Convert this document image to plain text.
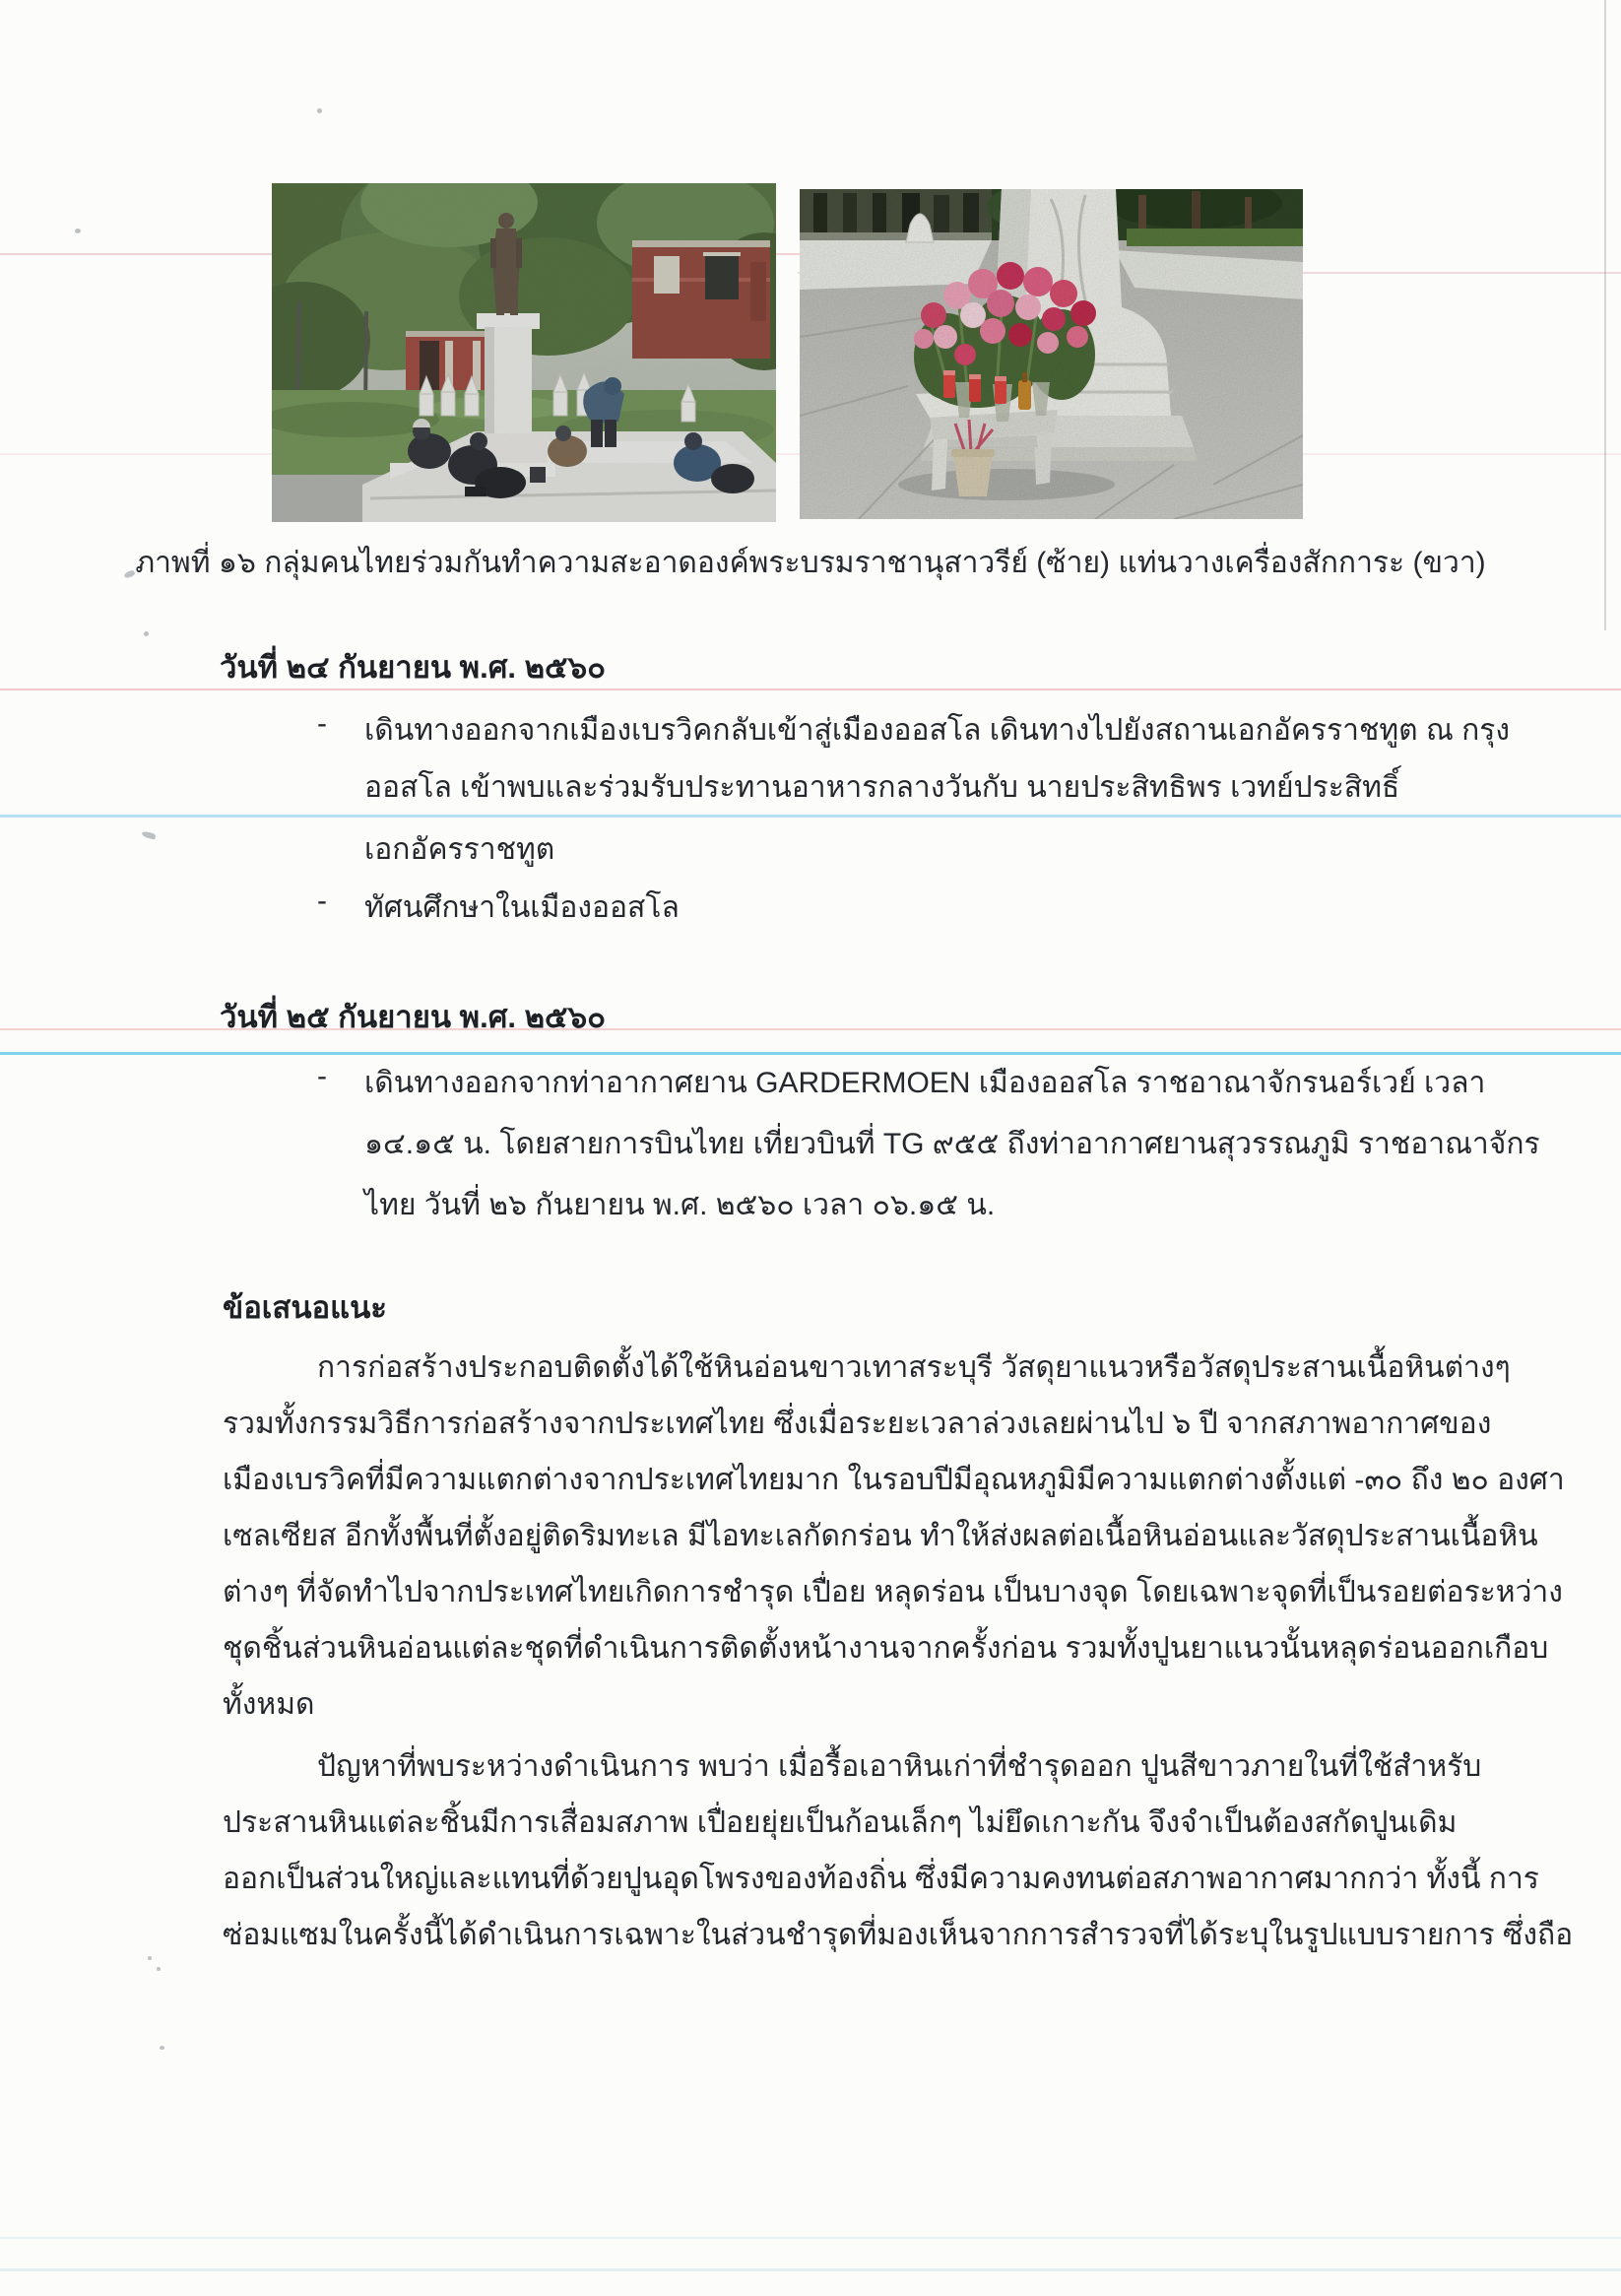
ภาพที่ ๑๖ กลุ่มคนไทยร่วมกันทำความสะอาดองค์พระบรมราชานุสาวรีย์ (ซ้าย) แท่นวางเครื่องสักการะ (ขวา)
วันที่ ๒๔ กันยายน พ.ศ. ๒๕๖๐
- เดินทางออกจากเมืองเบรวิคกลับเข้าสู่เมืองออสโล เดินทางไปยังสถานเอกอัครราชทูต ณ กรุง
ออสโล เข้าพบและร่วมรับประทานอาหารกลางวันกับ นายประสิทธิพร เวทย์ประสิทธิ์
เอกอัครราชทูต
- ทัศนศึกษาในเมืองออสโล
วันที่ ๒๕ กันยายน พ.ศ. ๒๕๖๐
- เดินทางออกจากท่าอากาศยาน GARDERMOEN เมืองออสโล ราชอาณาจักรนอร์เวย์ เวลา
๑๔.๑๕ น. โดยสายการบินไทย เที่ยวบินที่ TG ๙๕๕ ถึงท่าอากาศยานสุวรรณภูมิ ราชอาณาจักร
ไทย วันที่ ๒๖ กันยายน พ.ศ. ๒๕๖๐ เวลา ๐๖.๑๕ น.
ข้อเสนอแนะ
การก่อสร้างประกอบติดตั้งได้ใช้หินอ่อนขาวเทาสระบุรี วัสดุยาแนวหรือวัสดุประสานเนื้อหินต่างๆ
รวมทั้งกรรมวิธีการก่อสร้างจากประเทศไทย ซึ่งเมื่อระยะเวลาล่วงเลยผ่านไป ๖ ปี จากสภาพอากาศของ
เมืองเบรวิคที่มีความแตกต่างจากประเทศไทยมาก ในรอบปีมีอุณหภูมิมีความแตกต่างตั้งแต่ -๓๐ ถึง ๒๐ องศา
เซลเซียส อีกทั้งพื้นที่ตั้งอยู่ติดริมทะเล มีไอทะเลกัดกร่อน ทำให้ส่งผลต่อเนื้อหินอ่อนและวัสดุประสานเนื้อหิน
ต่างๆ ที่จัดทำไปจากประเทศไทยเกิดการชำรุด เปื่อย หลุดร่อน เป็นบางจุด โดยเฉพาะจุดที่เป็นรอยต่อระหว่าง
ชุดชิ้นส่วนหินอ่อนแต่ละชุดที่ดำเนินการติดตั้งหน้างานจากครั้งก่อน รวมทั้งปูนยาแนวนั้นหลุดร่อนออกเกือบ
ทั้งหมด
ปัญหาที่พบระหว่างดำเนินการ พบว่า เมื่อรื้อเอาหินเก่าที่ชำรุดออก ปูนสีขาวภายในที่ใช้สำหรับ
ประสานหินแต่ละชิ้นมีการเสื่อมสภาพ เปื่อยยุ่ยเป็นก้อนเล็กๆ ไม่ยึดเกาะกัน จึงจำเป็นต้องสกัดปูนเดิม
ออกเป็นส่วนใหญ่และแทนที่ด้วยปูนอุดโพรงของท้องถิ่น ซึ่งมีความคงทนต่อสภาพอากาศมากกว่า ทั้งนี้ การ
ซ่อมแซมในครั้งนี้ได้ดำเนินการเฉพาะในส่วนชำรุดที่มองเห็นจากการสำรวจที่ได้ระบุในรูปแบบรายการ ซึ่งถือ
